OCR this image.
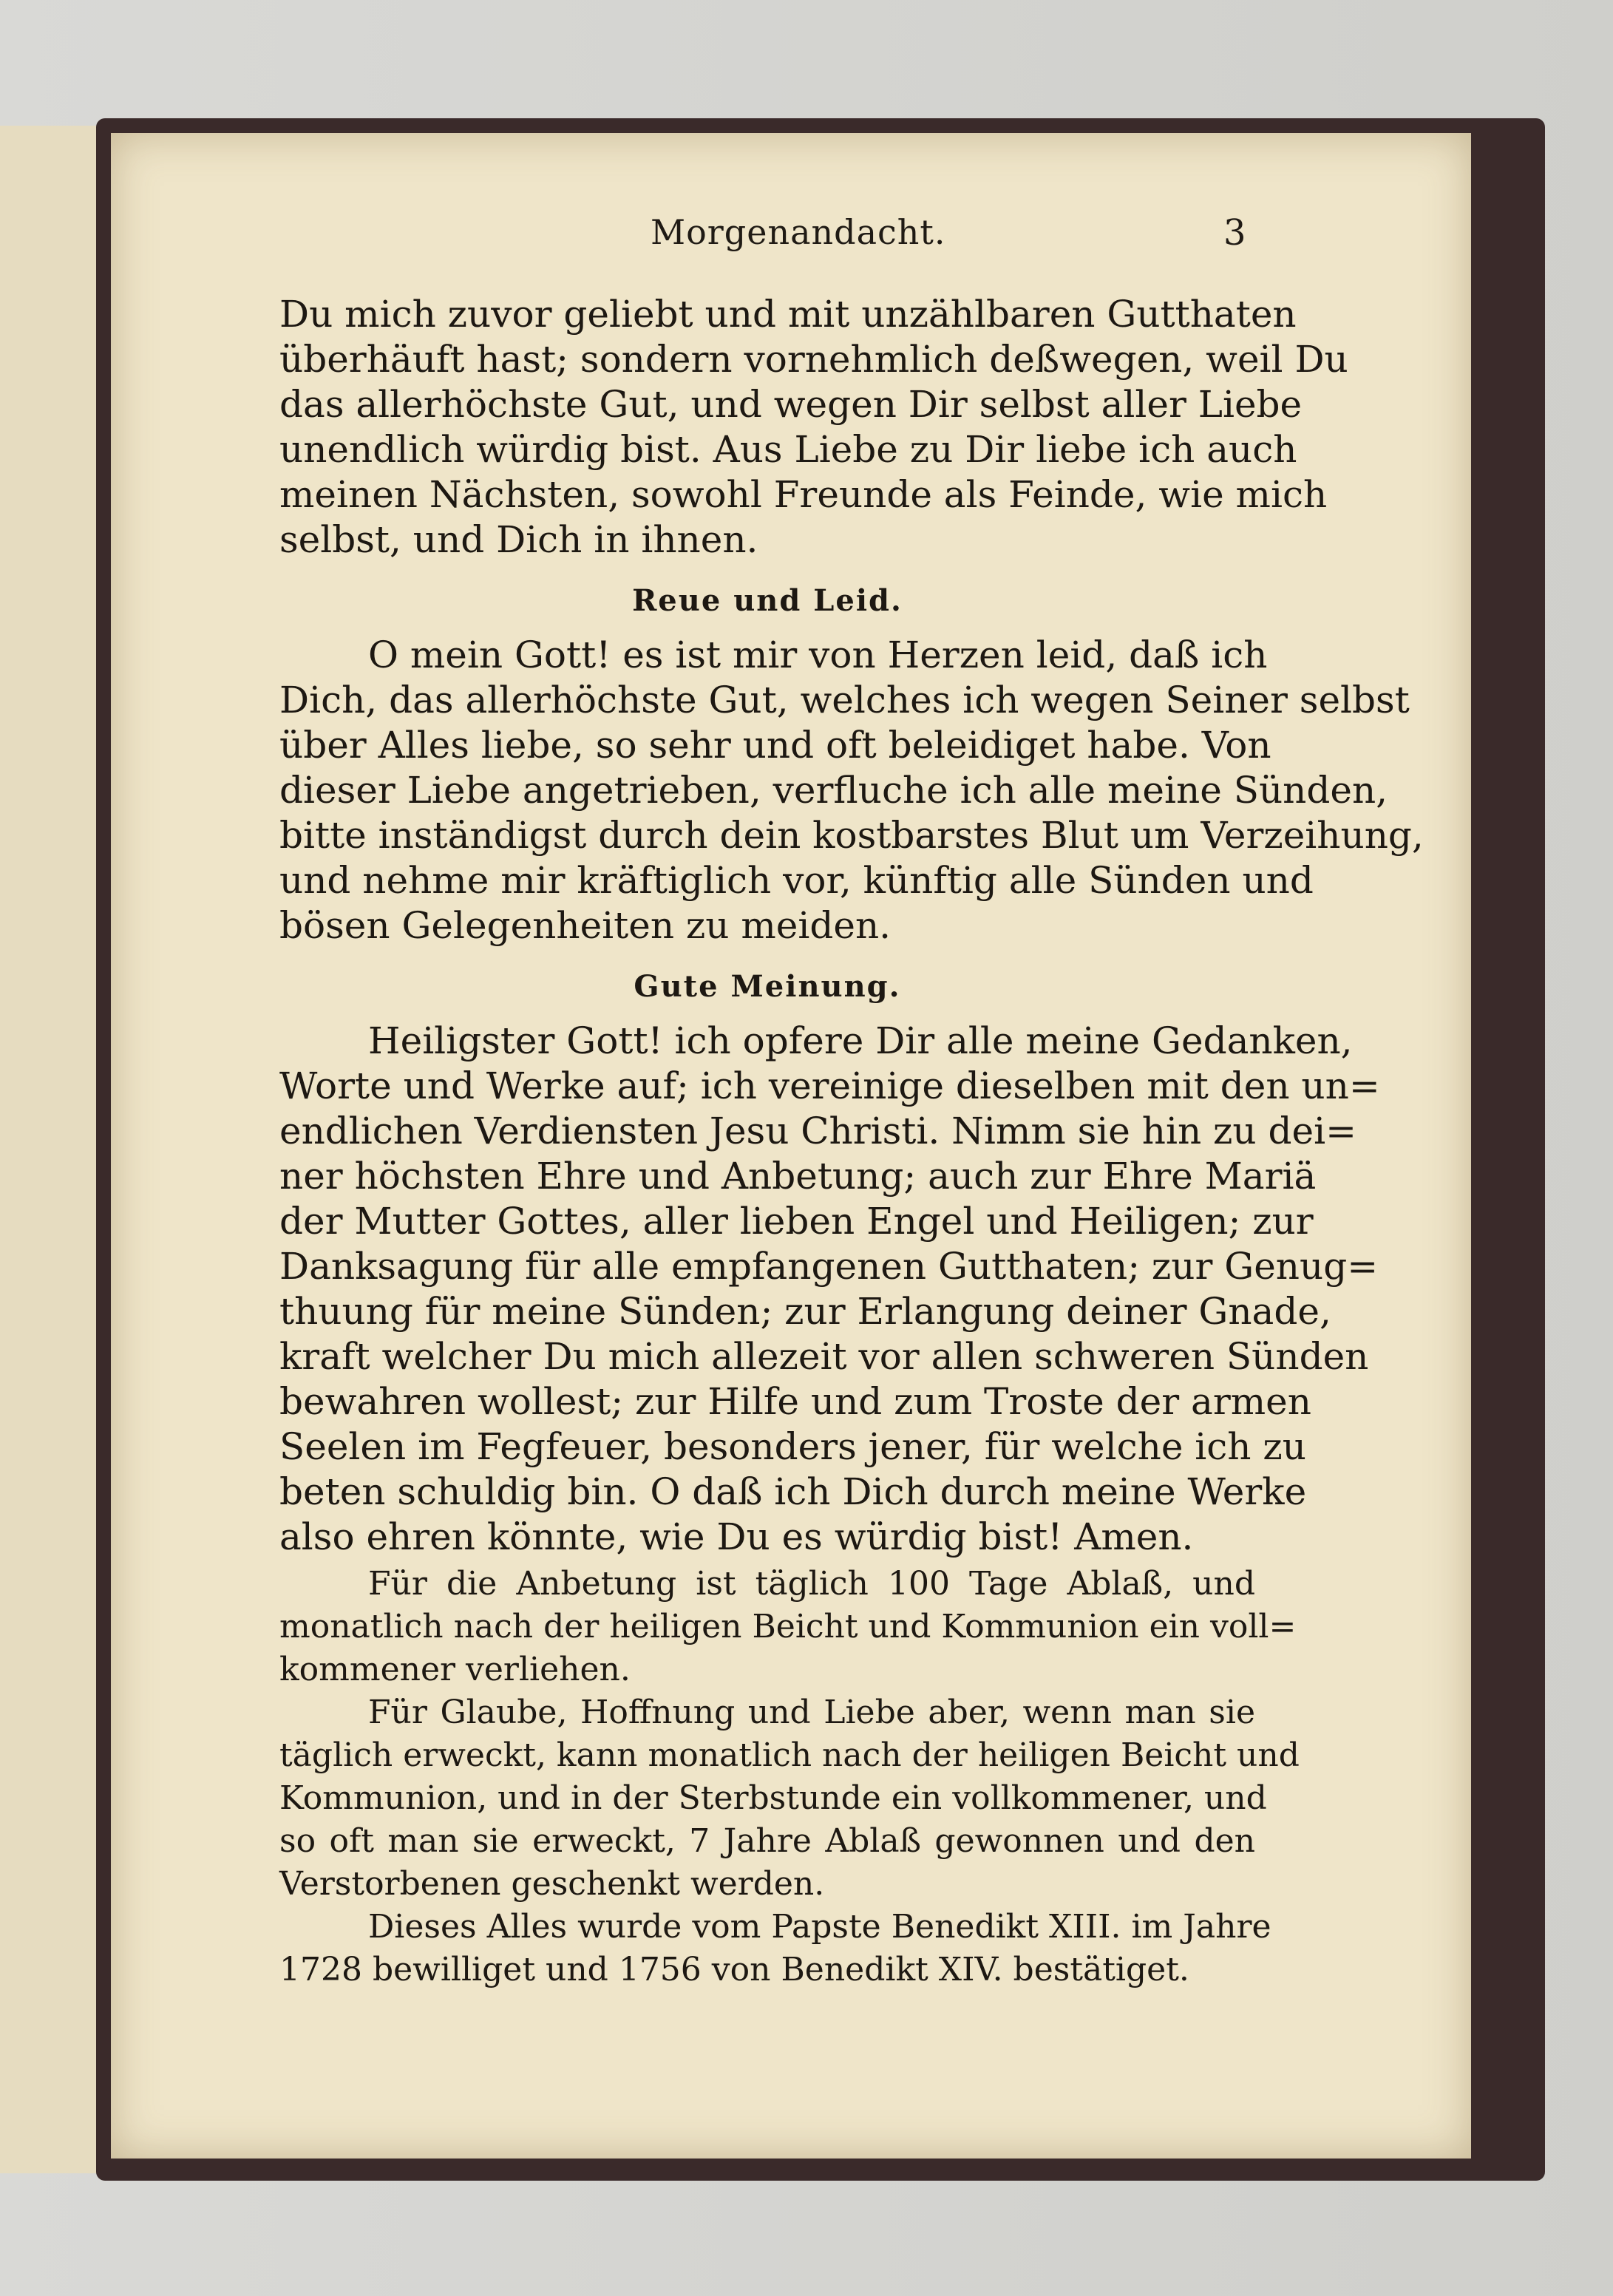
Morgenandacht.	3

Du mich zuvor geliebt und mit unzählbaren Gutthaten
überhäuft hast; sondern vornehmlich deßwegen, weil Du
das allerhöchste Gut, und wegen Dir selbst aller Liebe
unendlich würdig bist. Aus Liebe zu Dir liebe ich auch
meinen Nächsten, sowohl Freunde als Feinde, wie mich
selbst, und Dich in ihnen.

Reue und Leid.

O mein Gott! es ist mir von Herzen leid, daß ich
Dich, das allerhöchste Gut, welches ich wegen Seiner selbst
über Alles liebe, so sehr und oft beleidiget habe. Von
dieser Liebe angetrieben, verfluche ich alle meine Sünden,
bitte inständigst durch dein kostbarstes Blut um Verzeihung,
und nehme mir kräftiglich vor, künftig alle Sünden und
bösen Gelegenheiten zu meiden.

Gute Meinung.

Heiligster Gott! ich opfere Dir alle meine Gedanken,
Worte und Werke auf; ich vereinige dieselben mit den un=
endlichen Verdiensten Jesu Christi. Nimm sie hin zu dei=
ner höchsten Ehre und Anbetung; auch zur Ehre Mariä
der Mutter Gottes, aller lieben Engel und Heiligen; zur
Danksagung für alle empfangenen Gutthaten; zur Genug=
thuung für meine Sünden; zur Erlangung deiner Gnade,
kraft welcher Du mich allezeit vor allen schweren Sünden
bewahren wollest; zur Hilfe und zum Troste der armen
Seelen im Fegfeuer, besonders jener, für welche ich zu
beten schuldig bin. O daß ich Dich durch meine Werke
also ehren könnte, wie Du es würdig bist! Amen.

Für die Anbetung ist täglich 100 Tage Ablaß, und
monatlich nach der heiligen Beicht und Kommunion ein voll=
kommener verliehen.

Für Glaube, Hoffnung und Liebe aber, wenn man sie
täglich erweckt, kann monatlich nach der heiligen Beicht und
Kommunion, und in der Sterbstunde ein vollkommener, und
so oft man sie erweckt, 7 Jahre Ablaß gewonnen und den
Verstorbenen geschenkt werden.

Dieses Alles wurde vom Papste Benedikt XIII. im Jahre
1728 bewilliget und 1756 von Benedikt XIV. bestätiget.
